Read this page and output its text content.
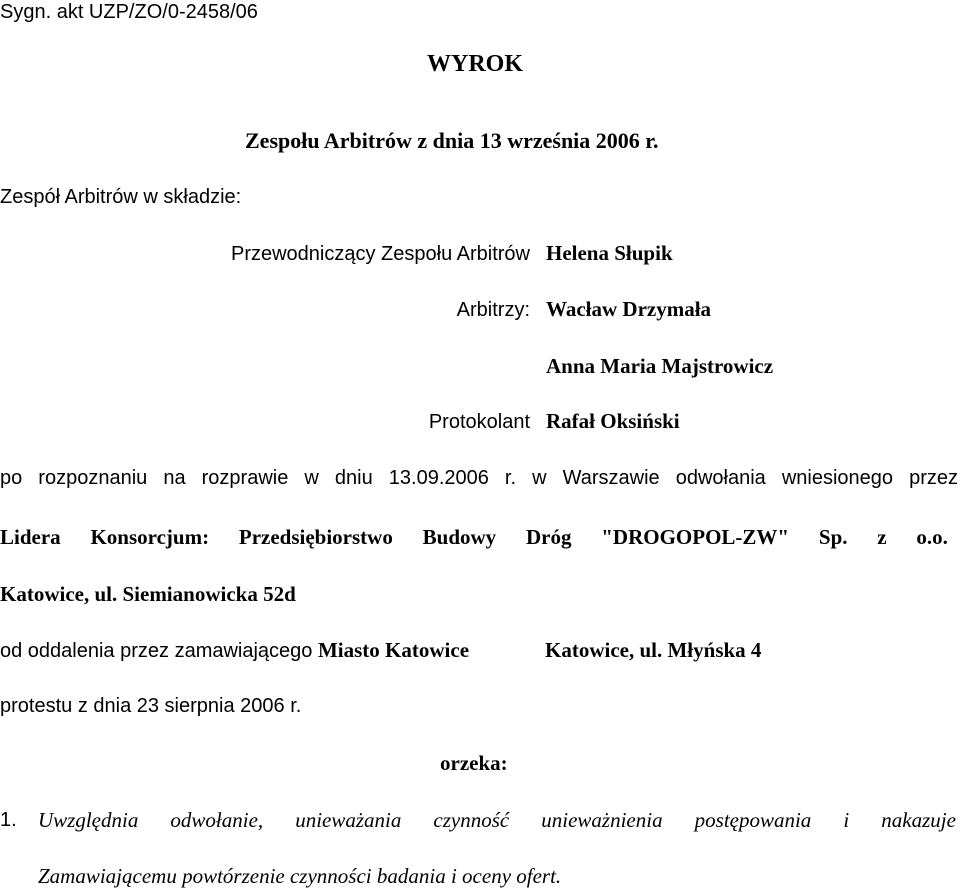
Sygn. akt UZP/ZO/0-2458/06
WYROK
Zespołu Arbitrów z dnia 13 września 2006 r.
Zespół Arbitrów w składzie:
Przewodniczący Zespołu Arbitrów Helena Słupik
Arbitrzy: Wacław Drzymała
Anna Maria Majstrowicz
Protokolant Rafał Oksiński
po rozpoznaniu na rozprawie w dniu 13.09.2006 r. w Warszawie odwołania wniesionego przez
Lidera Konsorcjum: Przedsiębiorstwo Budowy Dróg "DROGOPOL-ZW" Sp. z o.o.
Katowice, ul. Siemianowicka 52d
od oddalenia przez zamawiającego Miasto Katowice	Katowice, ul. Młyńska 4
protestu z dnia 23 sierpnia 2006 r.
orzeka:
1. Uwzględnia odwołanie, unieważania czynność unieważnienia postępowania i nakazuje
Zamawiającemu powtórzenie czynności badania i oceny ofert.
